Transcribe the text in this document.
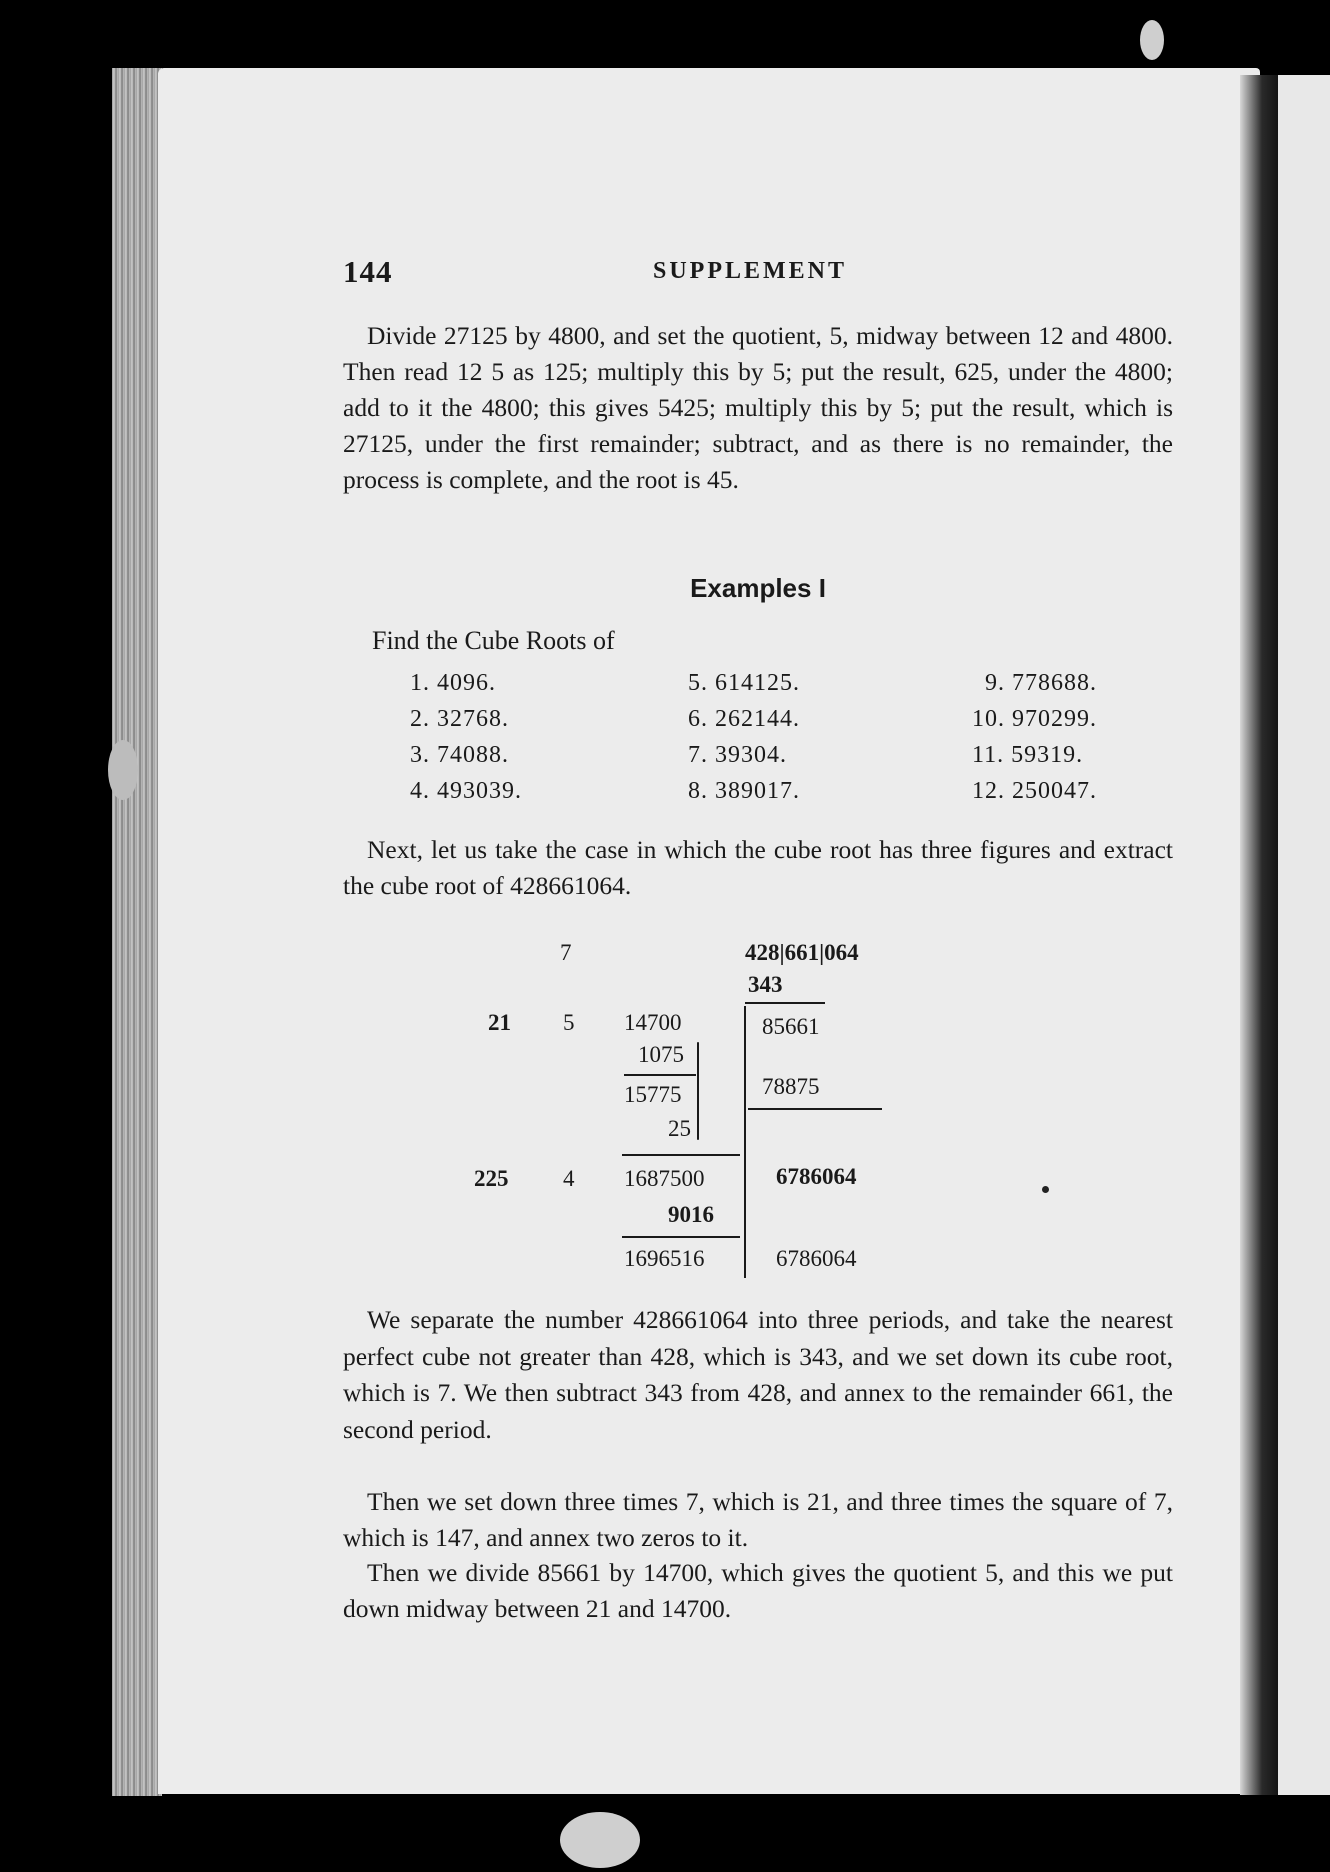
144	SUPPLEMENT
Divide 27125 by 4800, and set the quotient, 5, midway between 12 and 4800. Then read 12 5 as 125; multiply this by 5; put the result, 625, under the 4800; add to it the 4800; this gives 5425; multiply this by 5; put the result, which is 27125, under the first remainder; subtract, and as there is no remainder, the process is complete, and the root is 45.
Examples I
Find the Cube Roots of
1. 4096.
2. 32768.
3. 74088.
4. 493039.
5. 614125.
6. 262144.
7. 39304.
8. 389017.
9. 778688.
10. 970299.
11. 59319.
12. 250047.
Next, let us take the case in which the cube root has three figures and extract the cube root of 428661064.
7	428|661|064
343
21 5 14700	85661
1075
15775	78875
25
225 4 1687500	6786064
9016
1696516	6786064
We separate the number 428661064 into three periods, and take the nearest perfect cube not greater than 428, which is 343, and we set down its cube root, which is 7. We then subtract 343 from 428, and annex to the remainder 661, the second period.
Then we set down three times 7, which is 21, and three times the square of 7, which is 147, and annex two zeros to it.
Then we divide 85661 by 14700, which gives the quotient 5, and this we put down midway between 21 and 14700.
